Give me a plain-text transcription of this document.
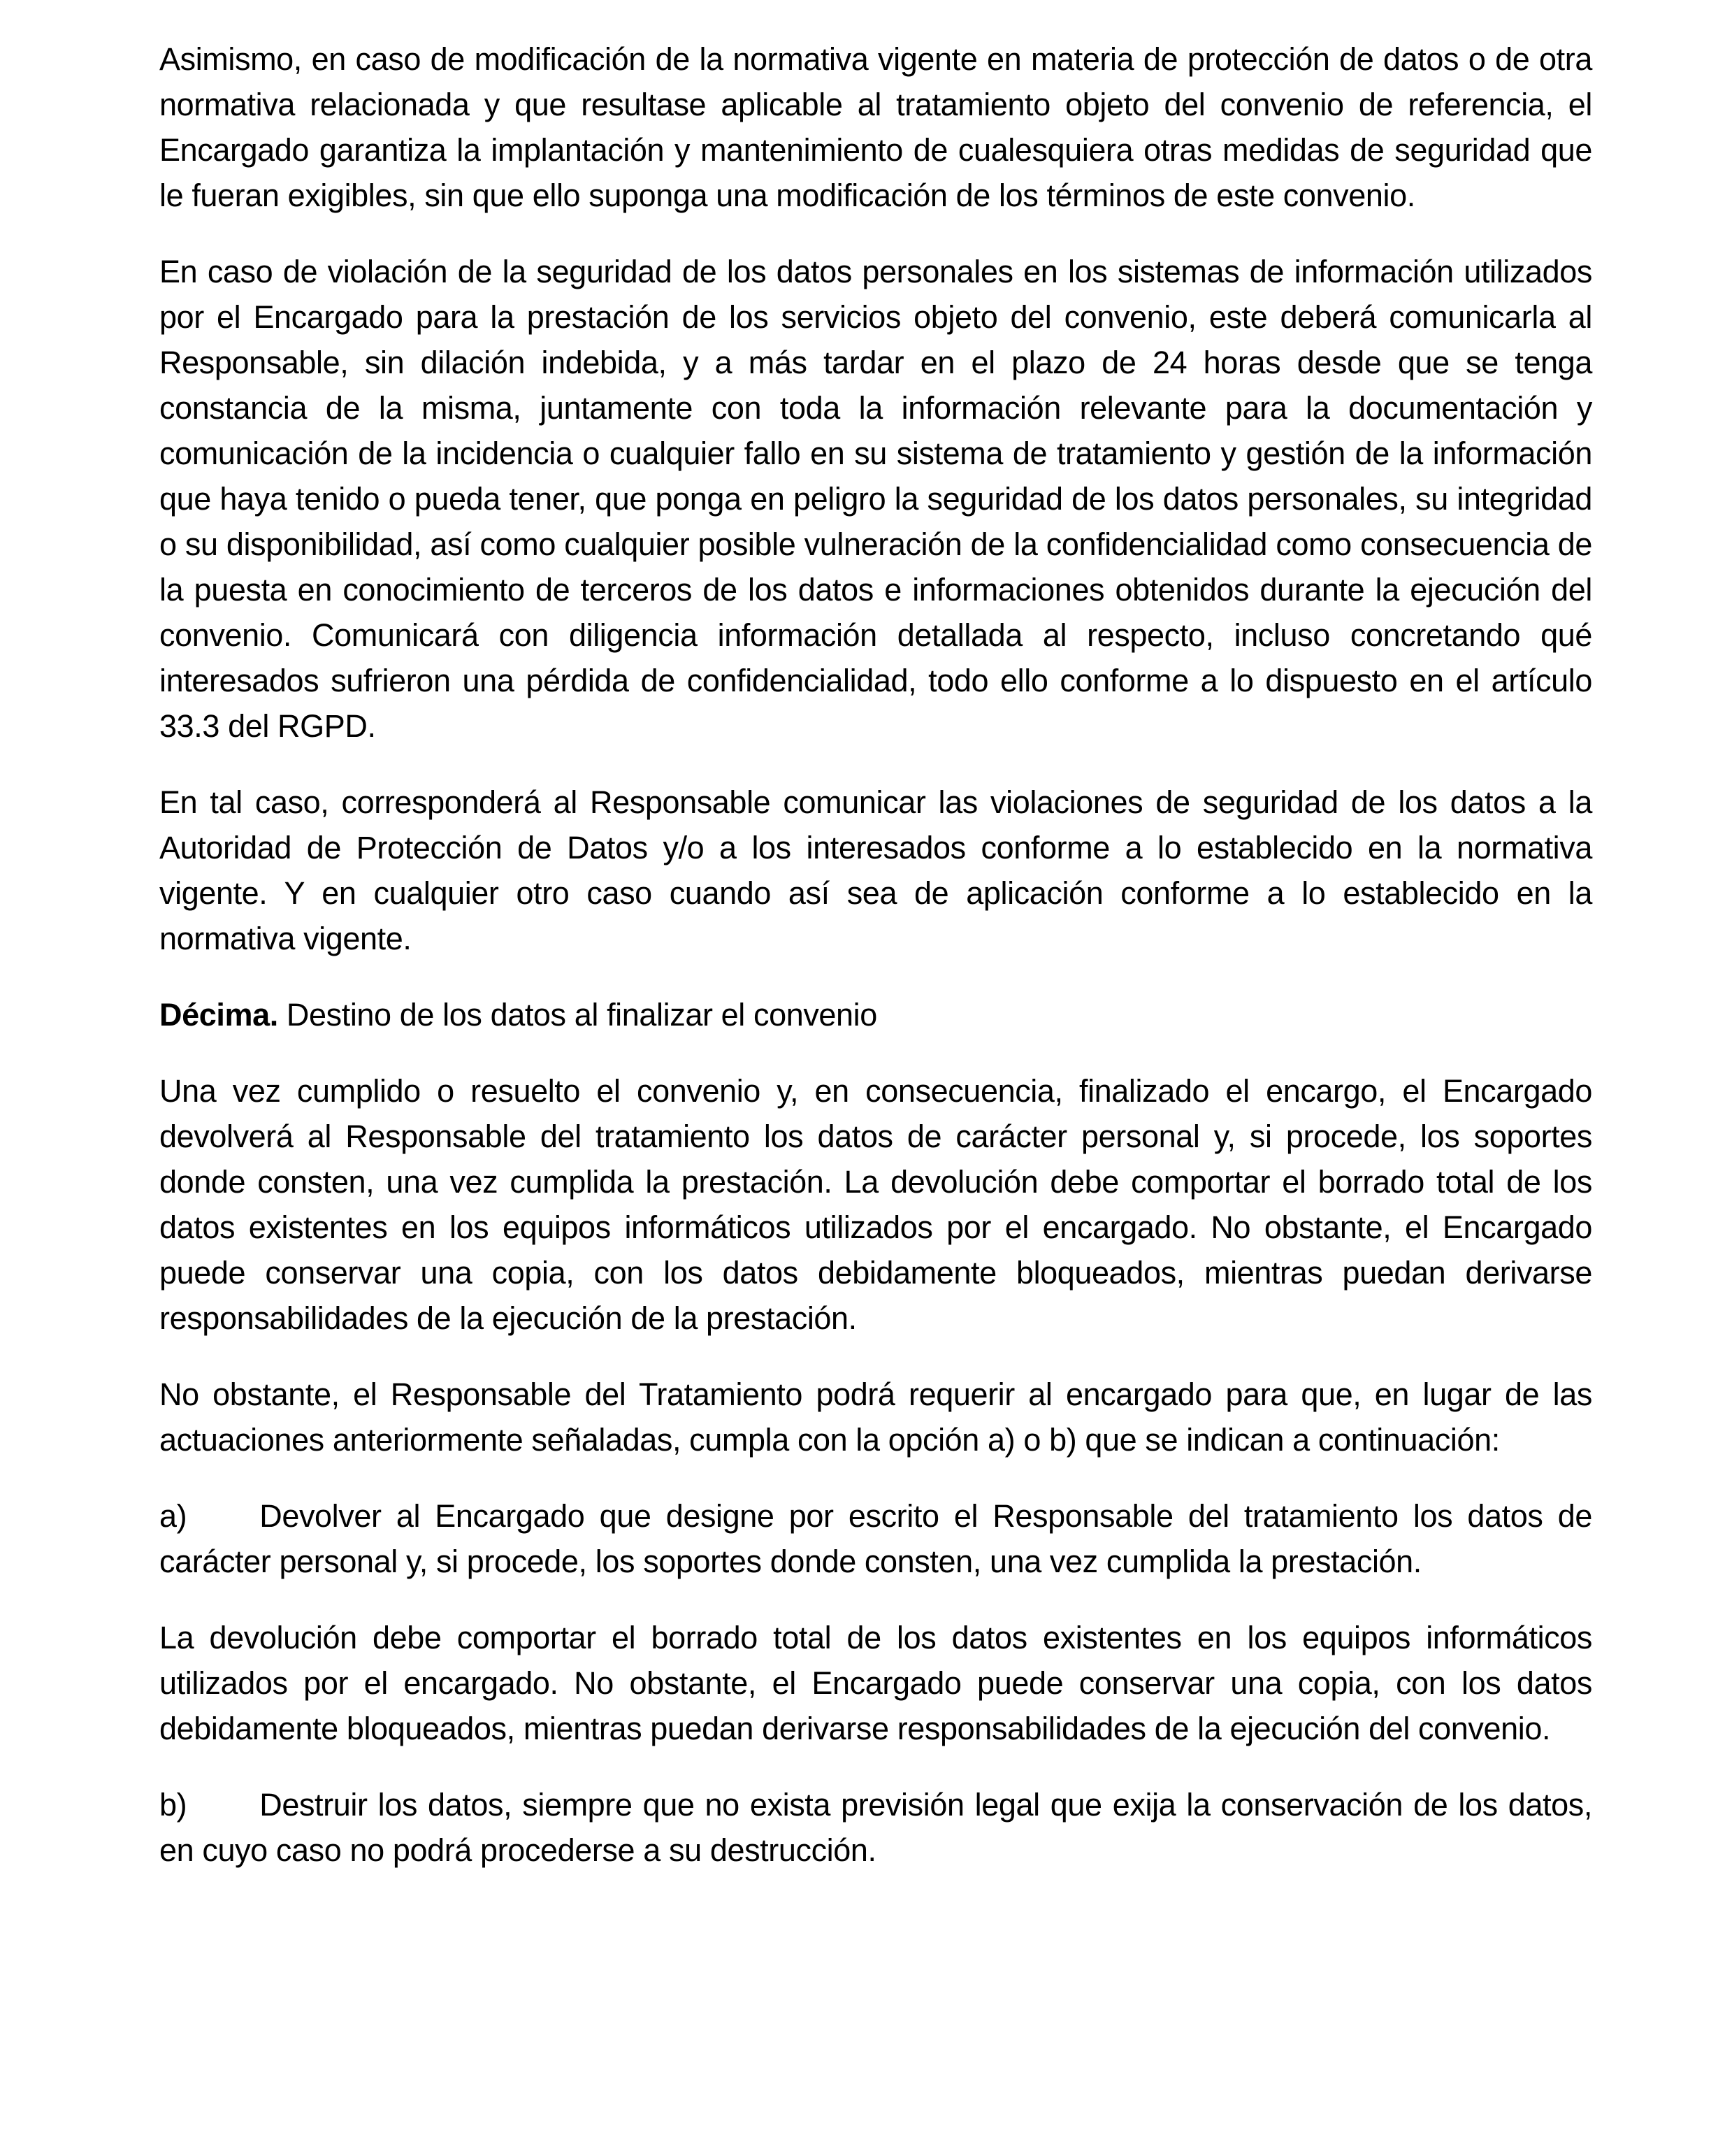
Asimismo, en caso de modificación de la normativa vigente en materia de protección de datos o de otra normativa relacionada y que resultase aplicable al tratamiento objeto del convenio de referencia, el Encargado garantiza la implantación y mantenimiento de cualesquiera otras medidas de seguridad que le fueran exigibles, sin que ello suponga una modificación de los términos de este convenio.

En caso de violación de la seguridad de los datos personales en los sistemas de información utilizados por el Encargado para la prestación de los servicios objeto del convenio, este deberá comunicarla al Responsable, sin dilación indebida, y a más tardar en el plazo de 24 horas desde que se tenga constancia de la misma, juntamente con toda la información relevante para la documentación y comunicación de la incidencia o cualquier fallo en su sistema de tratamiento y gestión de la información que haya tenido o pueda tener, que ponga en peligro la seguridad de los datos personales, su integridad o su disponibilidad, así como cualquier posible vulneración de la confidencialidad como consecuencia de la puesta en conocimiento de terceros de los datos e informaciones obtenidos durante la ejecución del convenio. Comunicará con diligencia información detallada al respecto, incluso concretando qué interesados sufrieron una pérdida de confidencialidad, todo ello conforme a lo dispuesto en el artículo 33.3 del RGPD.

En tal caso, corresponderá al Responsable comunicar las violaciones de seguridad de los datos a la Autoridad de Protección de Datos y/o a los interesados conforme a lo establecido en la normativa vigente. Y en cualquier otro caso cuando así sea de aplicación conforme a lo establecido en la normativa vigente.

Décima. Destino de los datos al finalizar el convenio

Una vez cumplido o resuelto el convenio y, en consecuencia, finalizado el encargo, el Encargado devolverá al Responsable del tratamiento los datos de carácter personal y, si procede, los soportes donde consten, una vez cumplida la prestación. La devolución debe comportar el borrado total de los datos existentes en los equipos informáticos utilizados por el encargado. No obstante, el Encargado puede conservar una copia, con los datos debidamente bloqueados, mientras puedan derivarse responsabilidades de la ejecución de la prestación.

No obstante, el Responsable del Tratamiento podrá requerir al encargado para que, en lugar de las actuaciones anteriormente señaladas, cumpla con la opción a) o b) que se indican a continuación:

a) Devolver al Encargado que designe por escrito el Responsable del tratamiento los datos de carácter personal y, si procede, los soportes donde consten, una vez cumplida la prestación.

La devolución debe comportar el borrado total de los datos existentes en los equipos informáticos utilizados por el encargado. No obstante, el Encargado puede conservar una copia, con los datos debidamente bloqueados, mientras puedan derivarse responsabilidades de la ejecución del convenio.

b) Destruir los datos, siempre que no exista previsión legal que exija la conservación de los datos, en cuyo caso no podrá procederse a su destrucción.
